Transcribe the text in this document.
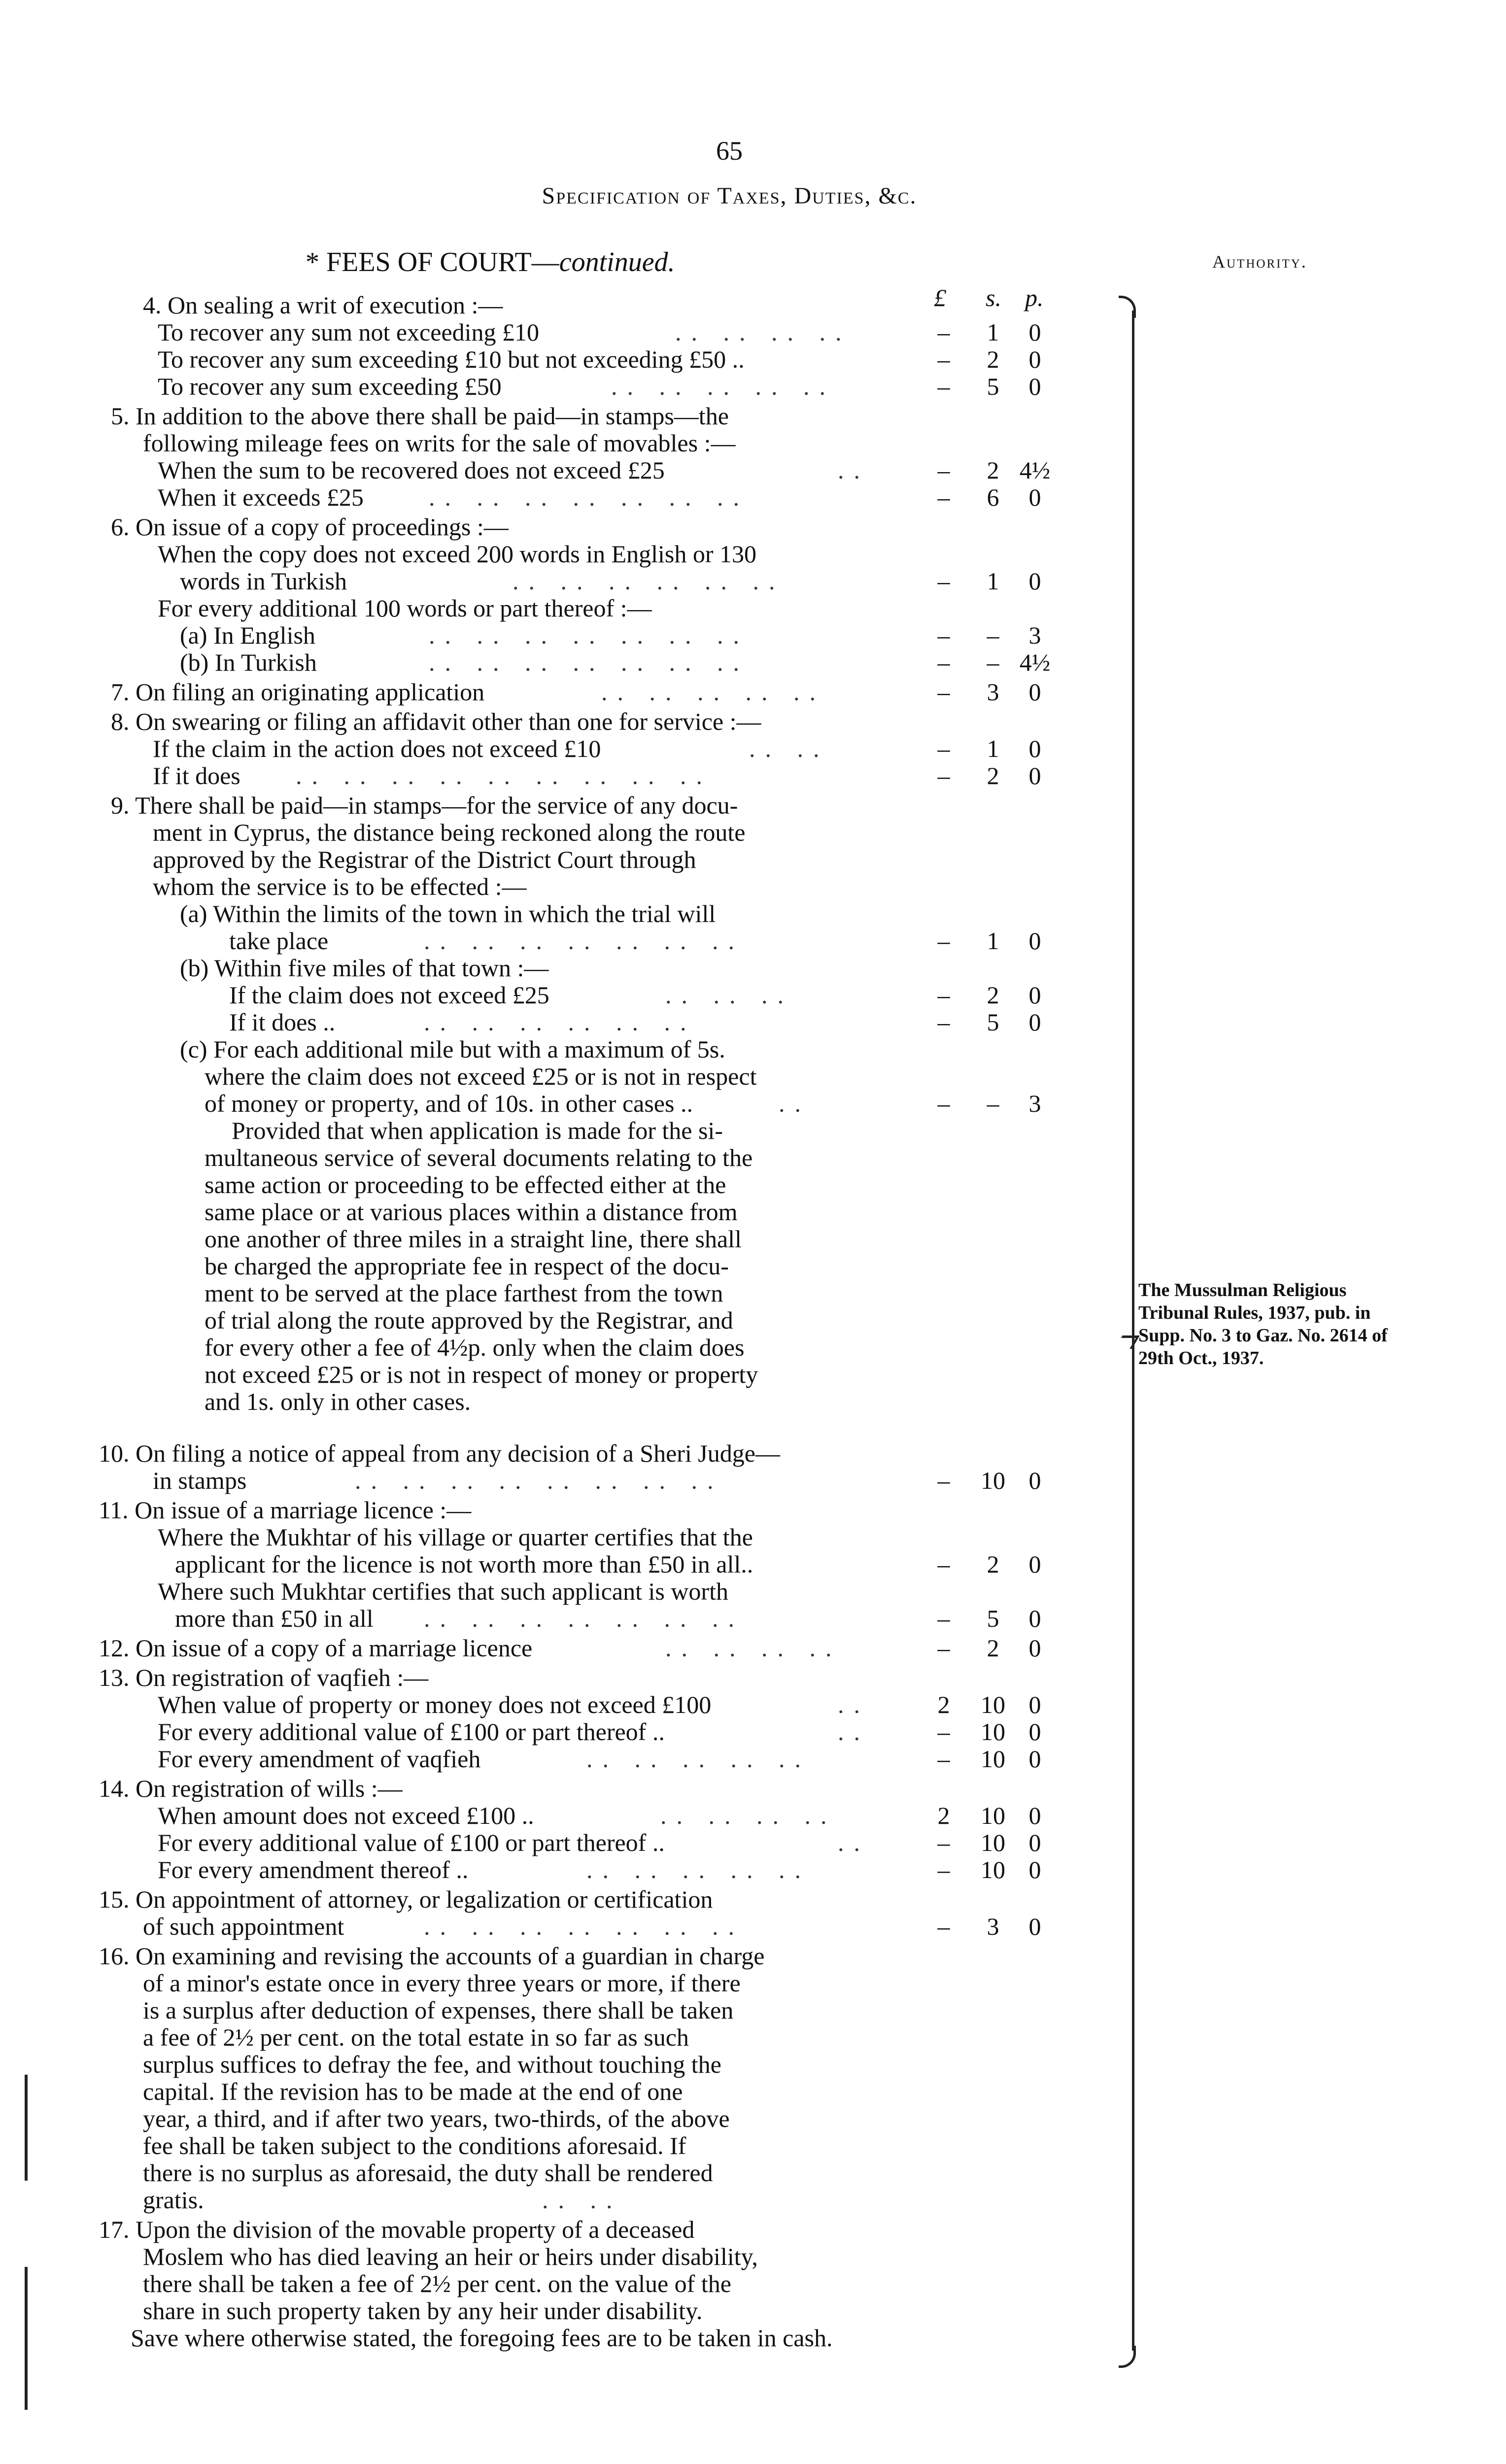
65
Specification of Taxes, Duties, &c.
* FEES OF COURT—continued.	Authority.
£ s. p.
4. On sealing a writ of execution :—
To recover any sum not exceeding £10	.. .. .. ..	–	1	0
To recover any sum exceeding £10 but not exceeding £50 ..	–	2	0
To recover any sum exceeding £50	.. .. .. .. ..	–	5	0
5. In addition to the above there shall be paid—in stamps—the
following mileage fees on writs for the sale of movables :—
When the sum to be recovered does not exceed £25	..	–	2 4½
When it exceeds £25	.. .. .. .. .. .. ..	–	6	0
6. On issue of a copy of proceedings :—
When the copy does not exceed 200 words in English or 130
words in Turkish	.. .. .. .. .. ..	–	1	0
For every additional 100 words or part thereof :—
(a) In English	.. .. .. .. .. .. ..	–	–	3
(b) In Turkish	.. .. .. .. .. .. ..	–	– 4½
7. On filing an originating application	.. .. .. .. ..	–	3	0
8. On swearing or filing an affidavit other than one for service :—
If the claim in the action does not exceed £10	.. ..	–	1	0
If it does .. .. .. .. .. .. .. .. ..	–	2	0
9. There shall be paid—in stamps—for the service of any docu-
ment in Cyprus, the distance being reckoned along the route
approved by the Registrar of the District Court through
whom the service is to be effected :—
(a) Within the limits of the town in which the trial will
take place	.. .. .. .. .. .. ..	–	1	0
(b) Within five miles of that town :—
If the claim does not exceed £25	.. .. ..	–	2	0
If it does ..	.. .. .. .. .. ..	–	5	0
(c) For each additional mile but with a maximum of 5s.
where the claim does not exceed £25 or is not in respect
of money or property, and of 10s. in other cases ..	..	–	–	3
Provided that when application is made for the si-
multaneous service of several documents relating to the
same action or proceeding to be effected either at the
same place or at various places within a distance from
one another of three miles in a straight line, there shall
be charged the appropriate fee in respect of the docu-
ment to be served at the place farthest from the town
of trial along the route approved by the Registrar, and
for every other a fee of 4½p. only when the claim does
not exceed £25 or is not in respect of money or property
and 1s. only in other cases.
10. On filing a notice of appeal from any decision of a Sheri Judge—
in stamps	.. .. .. .. .. .. .. ..	–	10 0
11. On issue of a marriage licence :—
Where the Mukhtar of his village or quarter certifies that the
applicant for the licence is not worth more than £50 in all..	–	2	0
Where such Mukhtar certifies that such applicant is worth
more than £50 in all .. .. .. .. .. .. ..	–	5	0
12. On issue of a copy of a marriage licence	.. .. .. ..	–	2	0
13. On registration of vaqfieh :—
When value of property or money does not exceed £100	..	2	10 0
For every additional value of £100 or part thereof ..	..	–	10 0
For every amendment of vaqfieh	.. .. .. .. ..	–	10 0
14. On registration of wills :—
When amount does not exceed £100 ..	.. .. .. ..	2	10 0
For every additional value of £100 or part thereof ..	..	–	10 0
For every amendment thereof ..	.. .. .. .. ..	–	10 0
15. On appointment of attorney, or legalization or certification
of such appointment	.. .. .. .. .. .. ..	–	3	0
16. On examining and revising the accounts of a guardian in charge
of a minor's estate once in every three years or more, if there
is a surplus after deduction of expenses, there shall be taken
a fee of 2½ per cent. on the total estate in so far as such
surplus suffices to defray the fee, and without touching the
capital. If the revision has to be made at the end of one
year, a third, and if after two years, two-thirds, of the above
fee shall be taken subject to the conditions aforesaid. If
there is no surplus as aforesaid, the duty shall be rendered
gratis.	.. ..
17. Upon the division of the movable property of a deceased
Moslem who has died leaving an heir or heirs under disability,
there shall be taken a fee of 2½ per cent. on the value of the
share in such property taken by any heir under disability.
Save where otherwise stated, the foregoing fees are to be taken in cash.
The Mussulman Religious Tribunal Rules, 1937, pub. in Supp. No. 3 to Gaz. No. 2614 of 29th Oct., 1937.
